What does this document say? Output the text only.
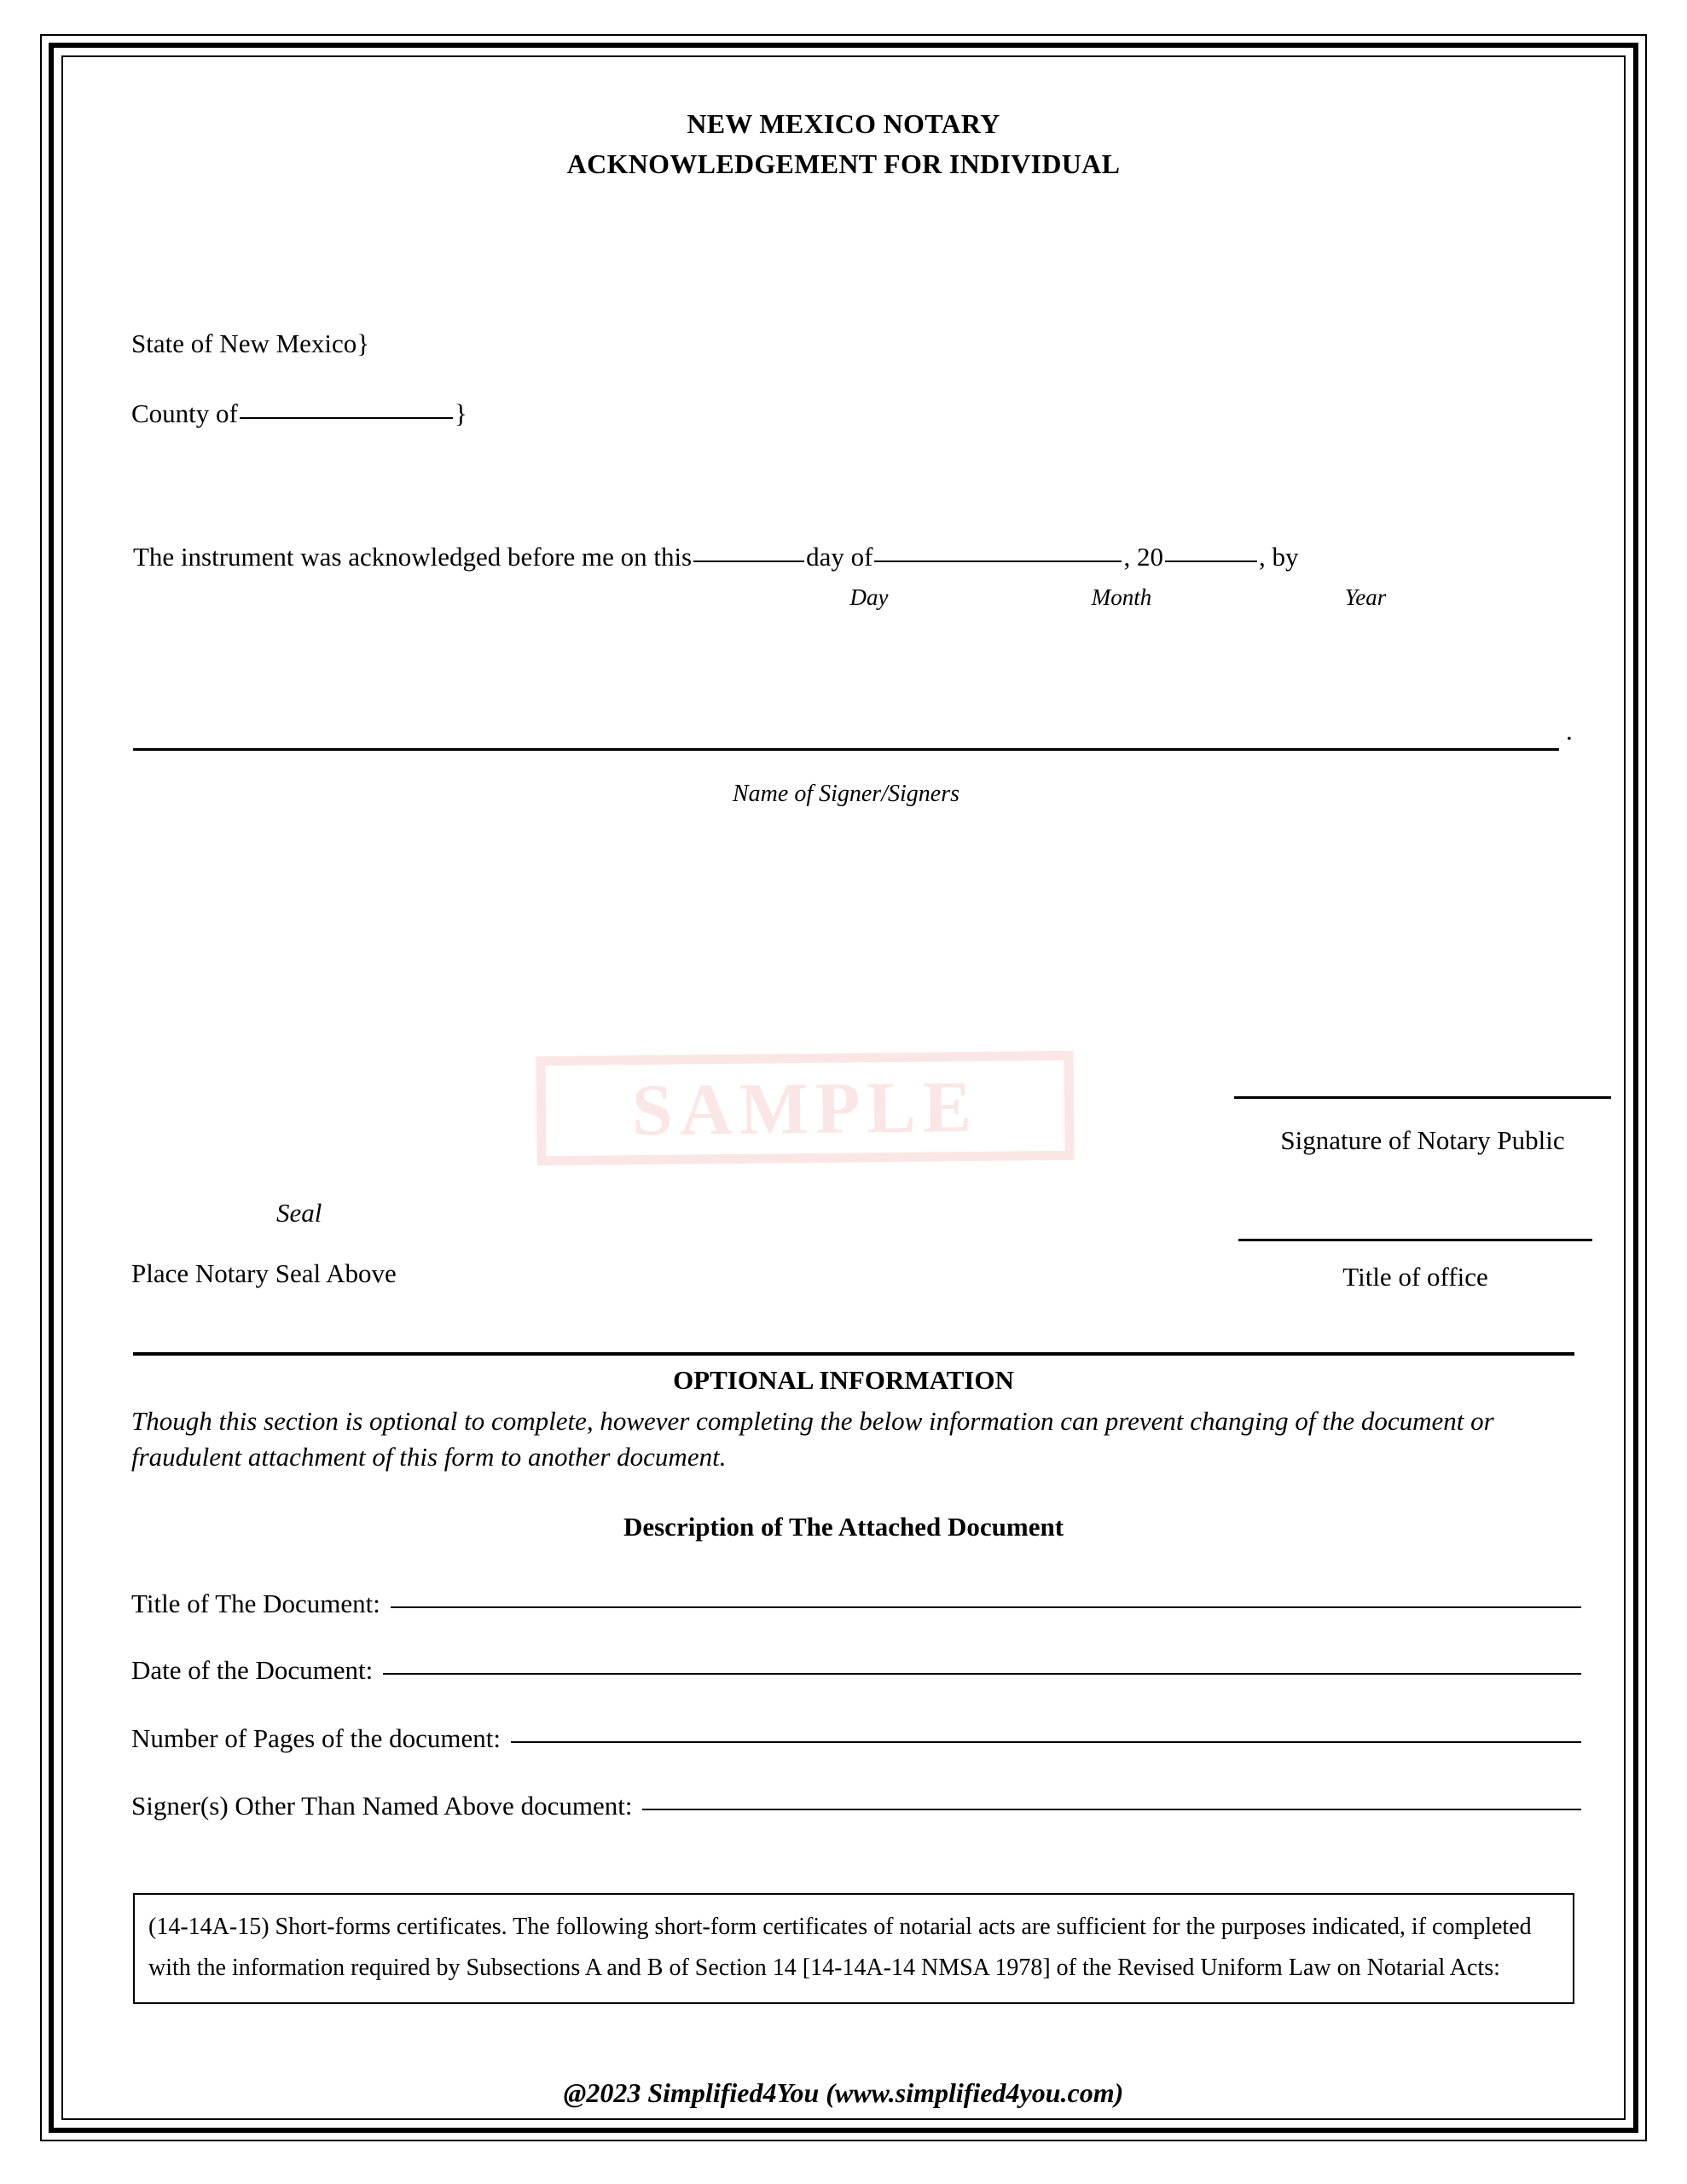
NEW MEXICO NOTARY
ACKNOWLEDGEMENT FOR INDIVIDUAL
State of New Mexico}
County of	}
The instrument was acknowledged before me on this	day of	, 20	, by
Day	Month	Year
.
Name of Signer/Signers
SAMPLE	Signature of Notary Public
Title of office
Seal
Place Notary Seal Above
OPTIONAL INFORMATION
Though this section is optional to complete, however completing the below information can prevent changing of the document or fraudulent attachment of this form to another document.
Description of The Attached Document
Title of The Document:
Date of the Document:
Number of Pages of the document:
Signer(s) Other Than Named Above document:
(14-14A-15) Short-forms certificates. The following short-form certificates of notarial acts are sufficient for the purposes indicated, if completed with the information required by Subsections A and B of Section 14 [14-14A-14 NMSA 1978] of the Revised Uniform Law on Notarial Acts:
@2023 Simplified4You (www.simplified4you.com)
